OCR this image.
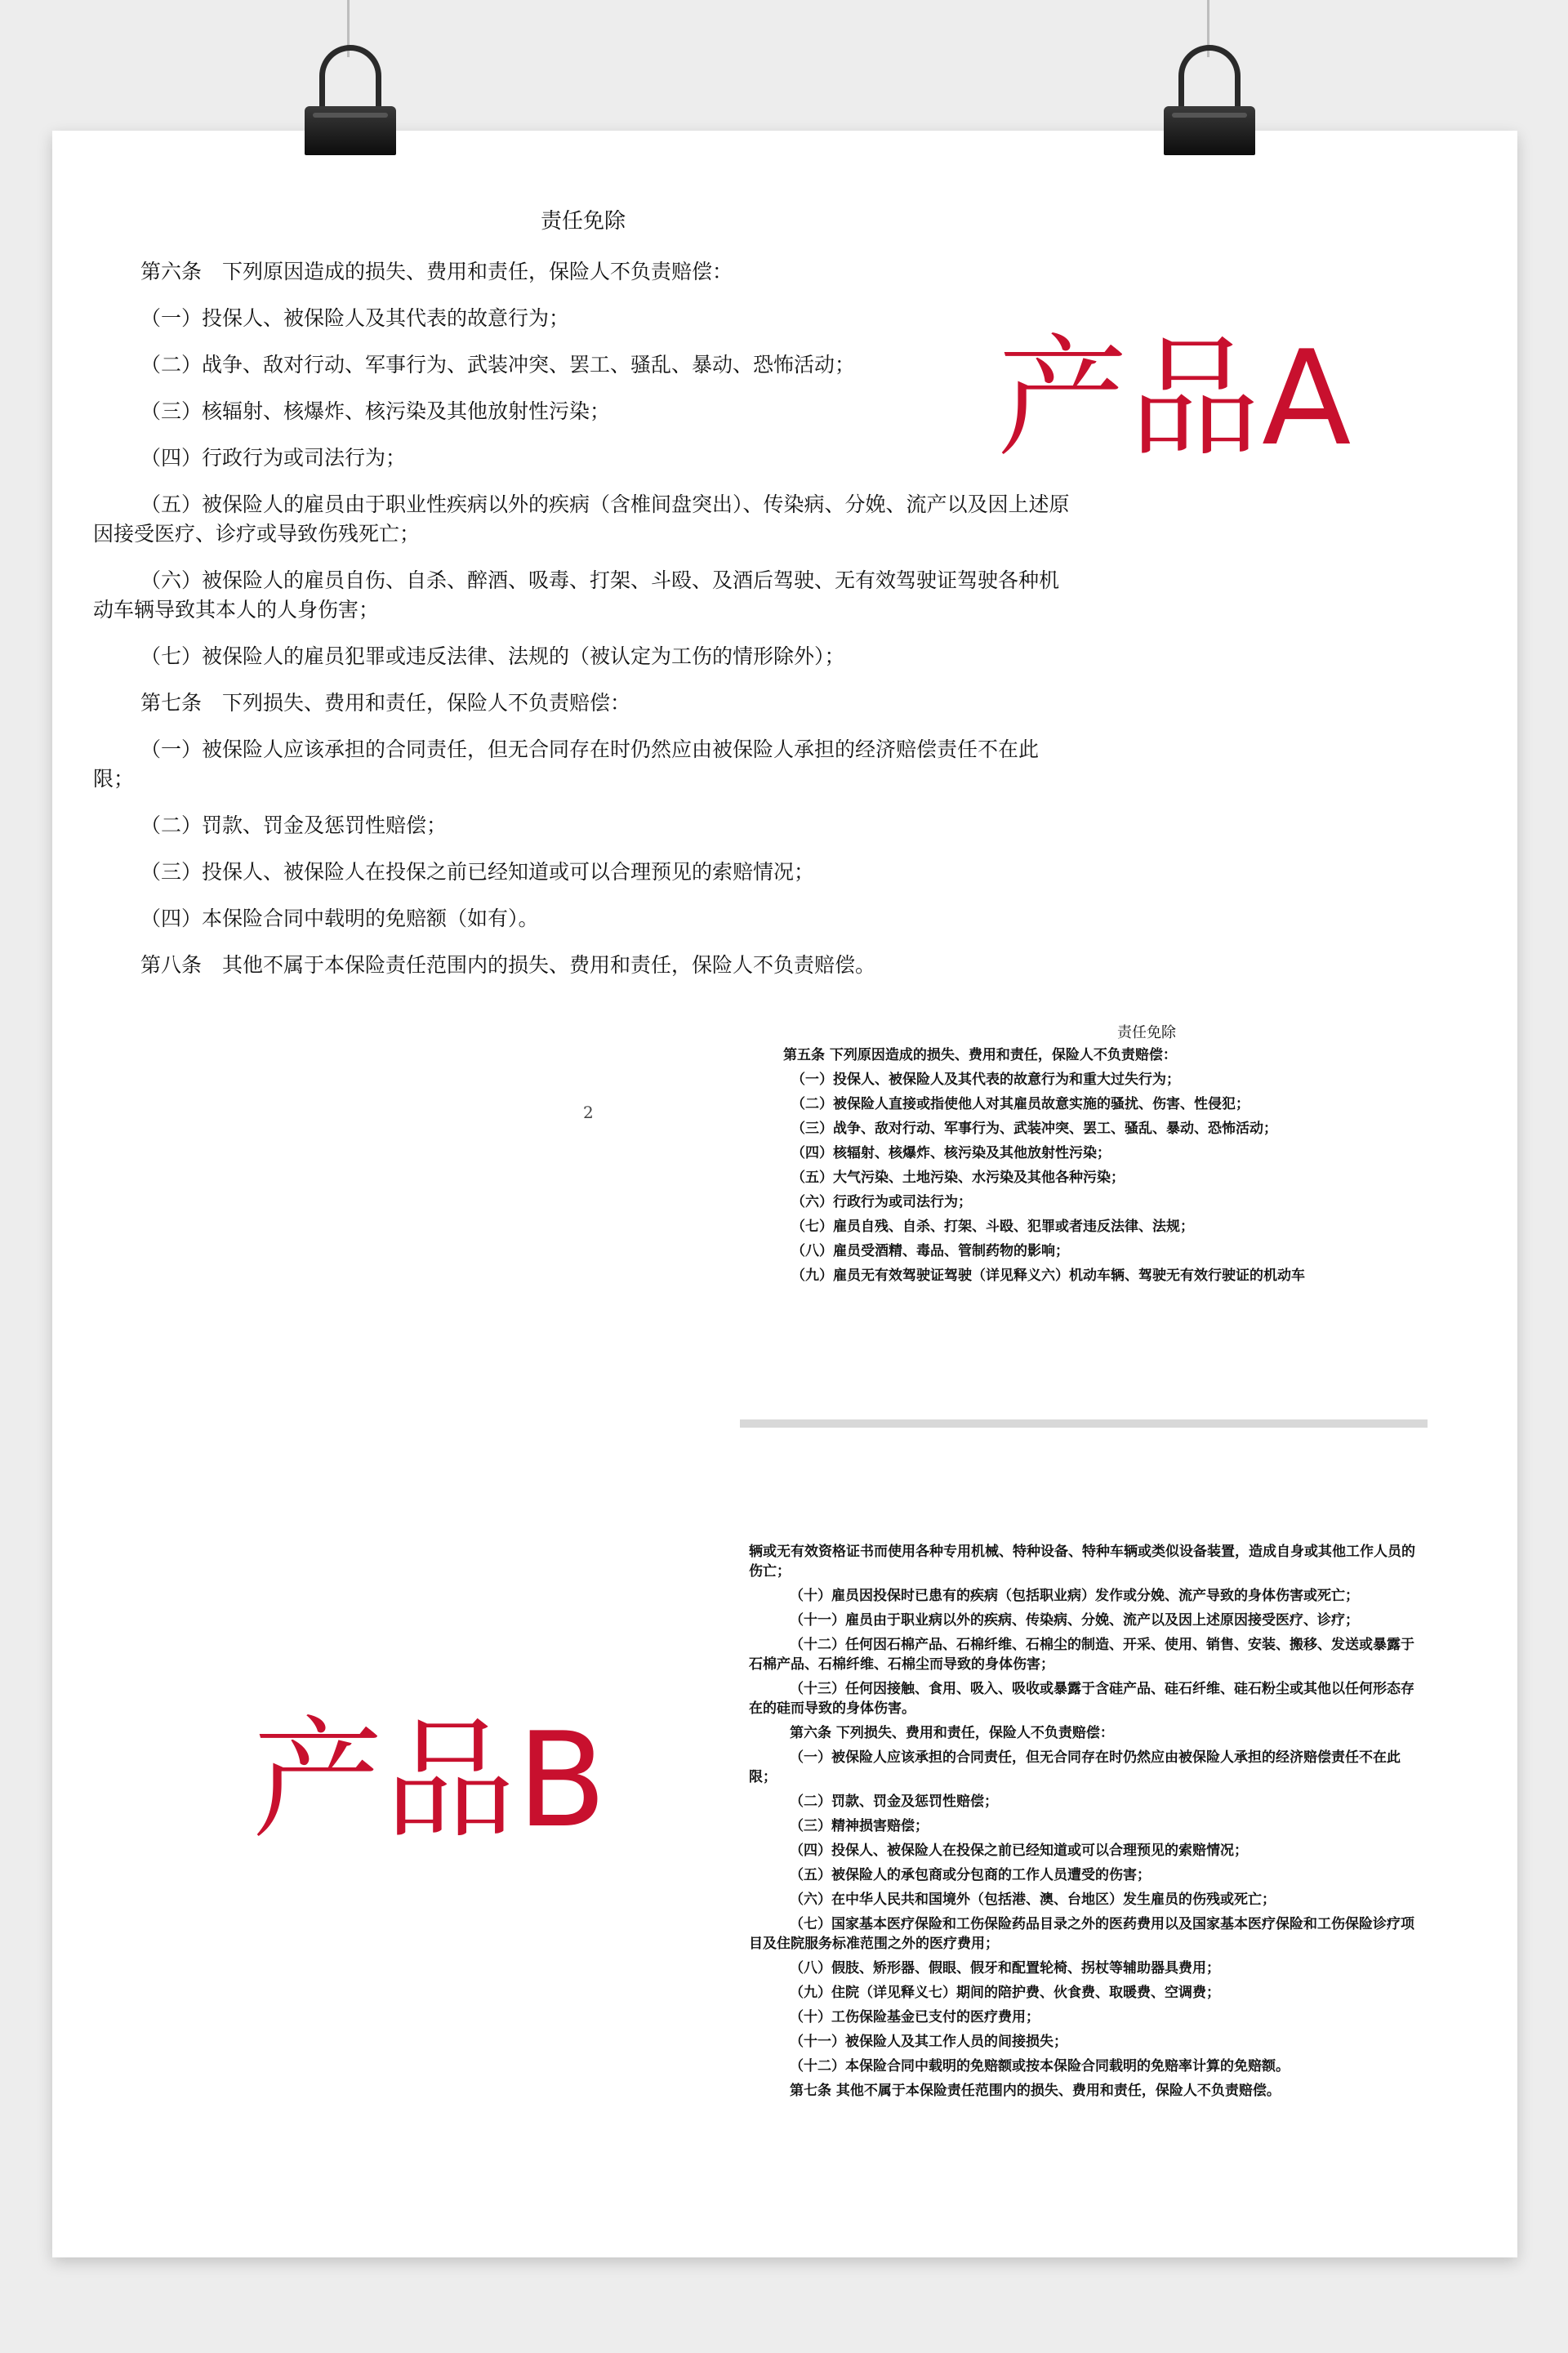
责任免除

第六条　下列原因造成的损失、费用和责任，保险人不负责赔偿：

（一）投保人、被保险人及其代表的故意行为；

（二）战争、敌对行动、军事行为、武装冲突、罢工、骚乱、暴动、恐怖活动；

（三）核辐射、核爆炸、核污染及其他放射性污染；

（四）行政行为或司法行为；

（五）被保险人的雇员由于职业性疾病以外的疾病（含椎间盘突出）、传染病、分娩、流产以及因上述原因接受医疗、诊疗或导致伤残死亡；

（六）被保险人的雇员自伤、自杀、醉酒、吸毒、打架、斗殴、及酒后驾驶、无有效驾驶证驾驶各种机动车辆导致其本人的人身伤害；

（七）被保险人的雇员犯罪或违反法律、法规的（被认定为工伤的情形除外）；

第七条　下列损失、费用和责任，保险人不负责赔偿：

（一）被保险人应该承担的合同责任，但无合同存在时仍然应由被保险人承担的经济赔偿责任不在此限；

（二）罚款、罚金及惩罚性赔偿；

（三）投保人、被保险人在投保之前已经知道或可以合理预见的索赔情况；

（四）本保险合同中载明的免赔额（如有）。

第八条　其他不属于本保险责任范围内的损失、费用和责任，保险人不负责赔偿。

2
产品A
产品B
责任免除

第五条 下列原因造成的损失、费用和责任，保险人不负责赔偿：

（一）投保人、被保险人及其代表的故意行为和重大过失行为；

（二）被保险人直接或指使他人对其雇员故意实施的骚扰、伤害、性侵犯；

（三）战争、敌对行动、军事行为、武装冲突、罢工、骚乱、暴动、恐怖活动；

（四）核辐射、核爆炸、核污染及其他放射性污染；

（五）大气污染、土地污染、水污染及其他各种污染；

（六）行政行为或司法行为；

（七）雇员自残、自杀、打架、斗殴、犯罪或者违反法律、法规；

（八）雇员受酒精、毒品、管制药物的影响；

（九）雇员无有效驾驶证驾驶（详见释义六）机动车辆、驾驶无有效行驶证的机动车

辆或无有效资格证书而使用各种专用机械、特种设备、特种车辆或类似设备装置，造成自身或其他工作人员的伤亡；

（十）雇员因投保时已患有的疾病（包括职业病）发作或分娩、流产导致的身体伤害或死亡；

（十一）雇员由于职业病以外的疾病、传染病、分娩、流产以及因上述原因接受医疗、诊疗；

（十二）任何因石棉产品、石棉纤维、石棉尘的制造、开采、使用、销售、安装、搬移、发送或暴露于石棉产品、石棉纤维、石棉尘而导致的身体伤害；

（十三）任何因接触、食用、吸入、吸收或暴露于含硅产品、硅石纤维、硅石粉尘或其他以任何形态存在的硅而导致的身体伤害。

第六条 下列损失、费用和责任，保险人不负责赔偿：

（一）被保险人应该承担的合同责任，但无合同存在时仍然应由被保险人承担的经济赔偿责任不在此限；

（二）罚款、罚金及惩罚性赔偿；

（三）精神损害赔偿；

（四）投保人、被保险人在投保之前已经知道或可以合理预见的索赔情况；

（五）被保险人的承包商或分包商的工作人员遭受的伤害；

（六）在中华人民共和国境外（包括港、澳、台地区）发生雇员的伤残或死亡；

（七）国家基本医疗保险和工伤保险药品目录之外的医药费用以及国家基本医疗保险和工伤保险诊疗项目及住院服务标准范围之外的医疗费用；

（八）假肢、矫形器、假眼、假牙和配置轮椅、拐杖等辅助器具费用；

（九）住院（详见释义七）期间的陪护费、伙食费、取暖费、空调费；

（十）工伤保险基金已支付的医疗费用；

（十一）被保险人及其工作人员的间接损失；

（十二）本保险合同中载明的免赔额或按本保险合同载明的免赔率计算的免赔额。

第七条 其他不属于本保险责任范围内的损失、费用和责任，保险人不负责赔偿。
